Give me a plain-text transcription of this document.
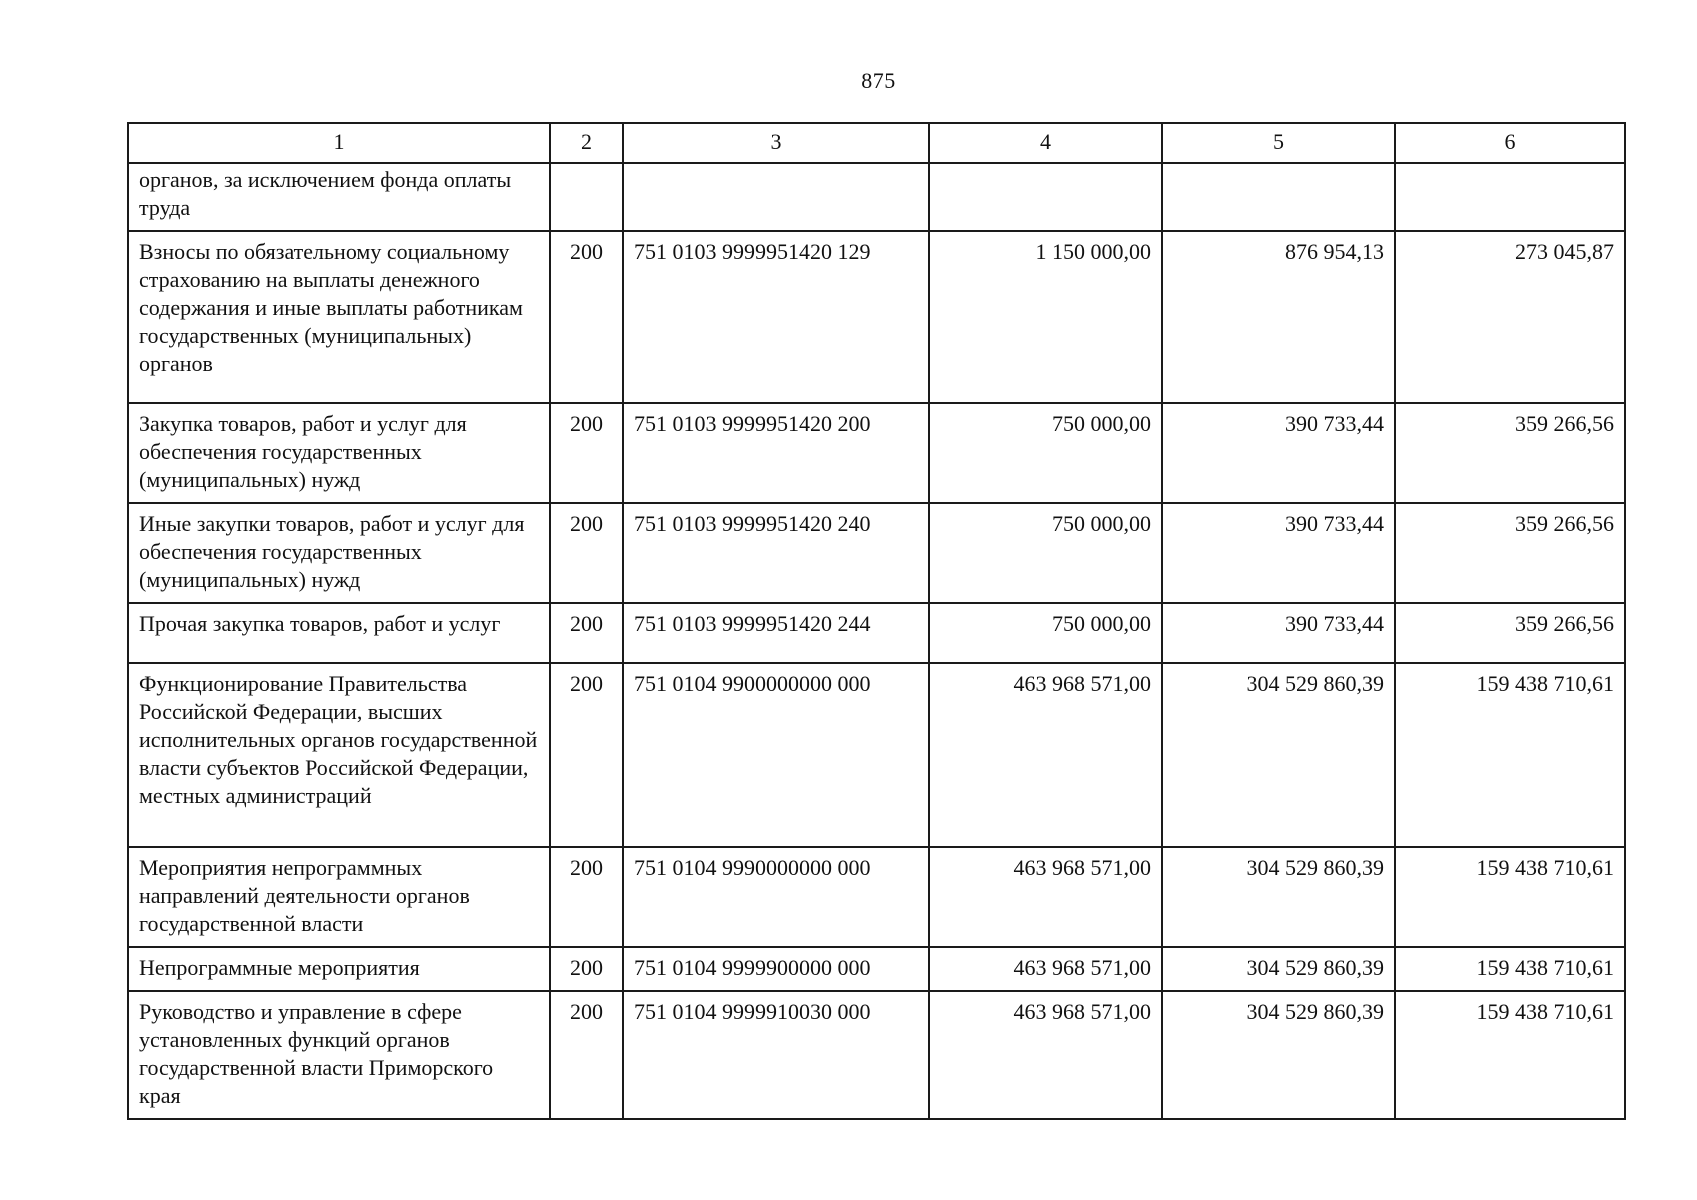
875
1	2	3	4	5	6
органов, за исключением фонда оплаты труда					
Взносы по обязательному социальному страхованию на выплаты денежного содержания и иные выплаты работникам государственных (муниципальных) органов	200	751 0103 9999951420 129	1 150 000,00	876 954,13	273 045,87
Закупка товаров, работ и услуг для обеспечения государственных (муниципальных) нужд	200	751 0103 9999951420 200	750 000,00	390 733,44	359 266,56
Иные закупки товаров, работ и услуг для обеспечения государственных (муниципальных) нужд	200	751 0103 9999951420 240	750 000,00	390 733,44	359 266,56
Прочая закупка товаров, работ и услуг	200	751 0103 9999951420 244	750 000,00	390 733,44	359 266,56
Функционирование Правительства Российской Федерации, высших исполнительных органов государственной власти субъектов Российской Федерации, местных администраций	200	751 0104 9900000000 000	463 968 571,00	304 529 860,39	159 438 710,61
Мероприятия непрограммных направлений деятельности органов государственной власти	200	751 0104 9990000000 000	463 968 571,00	304 529 860,39	159 438 710,61
Непрограммные мероприятия	200	751 0104 9999900000 000	463 968 571,00	304 529 860,39	159 438 710,61
Руководство и управление в сфере установленных функций органов государственной власти Приморского края	200	751 0104 9999910030 000	463 968 571,00	304 529 860,39	159 438 710,61
